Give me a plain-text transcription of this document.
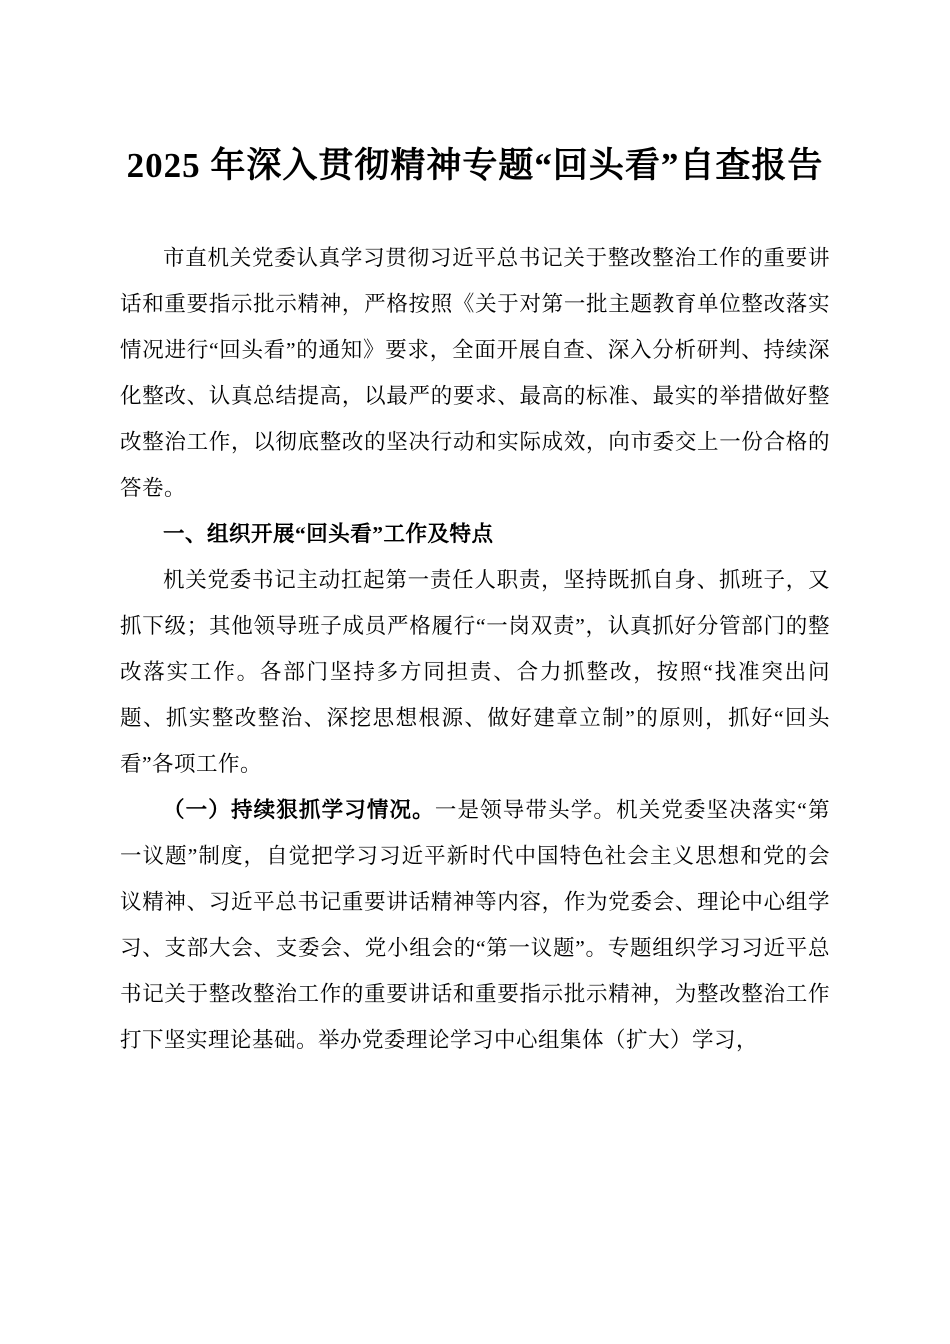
2025 年深入贯彻精神专题“回头看”自查报告

市直机关党委认真学习贯彻习近平总书记关于整改整治工作的重要讲话和重要指示批示精神，严格按照《关于对第一批主题教育单位整改落实情况进行“回头看”的通知》要求，全面开展自查、深入分析研判、持续深化整改、认真总结提高，以最严的要求、最高的标准、最实的举措做好整改整治工作，以彻底整改的坚决行动和实际成效，向市委交上一份合格的答卷。

一、组织开展“回头看”工作及特点

机关党委书记主动扛起第一责任人职责，坚持既抓自身、抓班子，又抓下级；其他领导班子成员严格履行“一岗双责”，认真抓好分管部门的整改落实工作。各部门坚持多方同担责、合力抓整改，按照“找准突出问题、抓实整改整治、深挖思想根源、做好建章立制”的原则，抓好“回头看”各项工作。

（一）持续狠抓学习情况。一是领导带头学。机关党委坚决落实“第一议题”制度，自觉把学习习近平新时代中国特色社会主义思想和党的会议精神、习近平总书记重要讲话精神等内容，作为党委会、理论中心组学习、支部大会、支委会、党小组会的“第一议题”。专题组织学习习近平总书记关于整改整治工作的重要讲话和重要指示批示精神，为整改整治工作打下坚实理论基础。举办党委理论学习中心组集体（扩大）学习，
